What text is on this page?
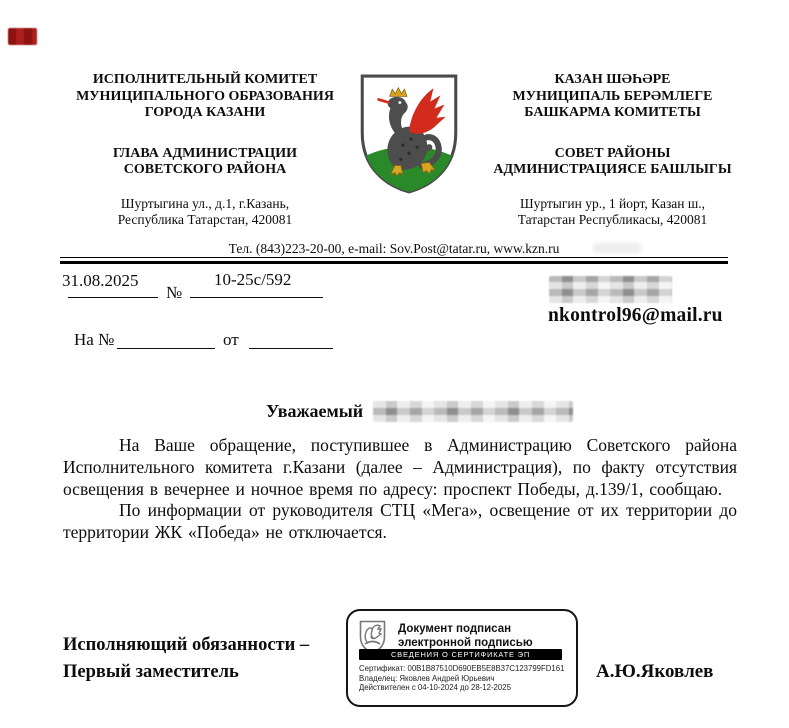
ИСПОЛНИТЕЛЬНЫЙ КОМИТЕТ
МУНИЦИПАЛЬНОГО ОБРАЗОВАНИЯ
ГОРОДА КАЗАНИ
ГЛАВА АДМИНИСТРАЦИИ
СОВЕТСКОГО РАЙОНА
Шуртыгина ул., д.1, г.Казань,
Республика Татарстан, 420081
КАЗАН ШӘҺӘРЕ
МУНИЦИПАЛЬ БЕРӘМЛЕГЕ
БАШКАРМА КОМИТЕТЫ
СОВЕТ РАЙОНЫ
АДМИНИСТРАЦИЯСЕ БАШЛЫГЫ
Шуртыгин ур., 1 йорт, Казан ш.,
Татарстан Республикасы, 420081
Тел. (843)223-20-00, e-mail: Sov.Post@tatar.ru, www.kzn.ru
31.08.2025
№
10-25с/592
На №	от
nkontrol96@mail.ru
Уважаемый

На Ваше обращение, поступившее в Администрацию Советского района Исполнительного комитета г.Казани (далее – Администрация), по факту отсутствия освещения в вечернее и ночное время по адресу: проспект Победы, д.139/1, сообщаю.

По информации от руководителя СТЦ «Мега», освещение от их территории до территории ЖК «Победа» не отключается.

Исполняющий обязанности –
Первый заместитель
Документ подписан
электронной подписью
СВЕДЕНИЯ О СЕРТИФИКАТЕ ЭП
Сертификат: 00B1B87510D690EB5E8B37C123799FD161
Владелец: Яковлев Андрей Юрьевич
Действителен с 04-10-2024 до 28-12-2025
А.Ю.Яковлев
